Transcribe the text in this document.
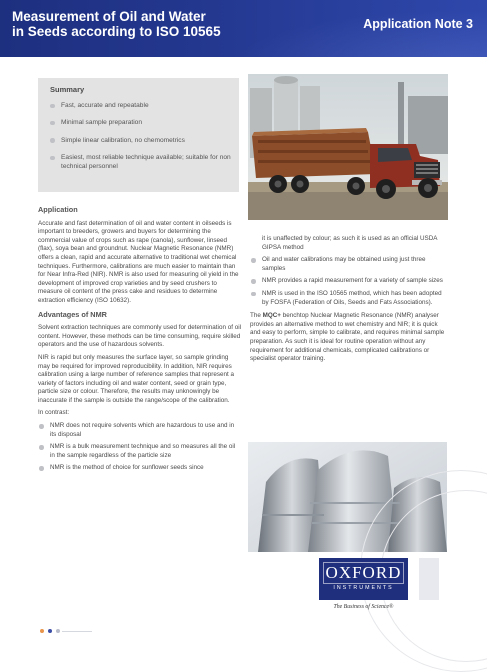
Measurement of Oil and Water
in Seeds according to ISO 10565	Application Note 3
Summary
Fast, accurate and repeatable
Minimal sample preparation
Simple linear calibration, no chemometrics
Easiest, most reliable technique available; suitable for non technical personnel
Application

Accurate and fast determination of oil and water content in oilseeds is important to breeders, growers and buyers for determining the commercial value of crops such as rape (canola), sunflower, linseed (flax), soya bean and groundnut. Nuclear Magnetic Resonance (NMR) offers a clean, rapid and accurate alternative to traditional wet chemical techniques. Furthermore, calibrations are much easier to maintain than for Near Infra-Red (NIR). NMR is also used for measuring oil yield in the development of improved crop varieties and by seed crushers to measure oil content of the press cake and residues to determine extraction efficiency (ISO 10632).

Advantages of NMR

Solvent extraction techniques are commonly used for determination of oil content. However, these methods can be time consuming, require skilled operators and the use of hazardous solvents.

NIR is rapid but only measures the surface layer, so sample grinding may be required for improved reproducibility. In addition, NIR requires calibration using a large number of reference samples that represent a variety of factors including oil and water content, seed or grain type, particle size or colour. Therefore, the results may unknowingly be inaccurate if the sample is outside the range/scope of the calibration.

In contrast:

NMR does not require solvents which are hazardous to use and in its disposal
NMR is a bulk measurement technique and so measures all the oil in the sample regardless of the particle size
NMR is the method of choice for sunflower seeds since

it is unaffected by colour; as such it is used as an official USDA GIPSA method

Oil and water calibrations may be obtained using just three samples
NMR provides a rapid measurement for a variety of sample sizes
NMR is used in the ISO 10565 method, which has been adopted by FOSFA (Federation of Oils, Seeds and Fats Associations).

The MQC+ benchtop Nuclear Magnetic Resonance (NMR) analyser provides an alternative method to wet chemistry and NIR; it is quick and easy to perform, simple to calibrate, and requires minimal sample preparation. As such it is ideal for routine operation without any requirement for additional chemicals, complicated calibrations or specialist operator training.

OXFORD
INSTRUMENTS
The Business of Science®
